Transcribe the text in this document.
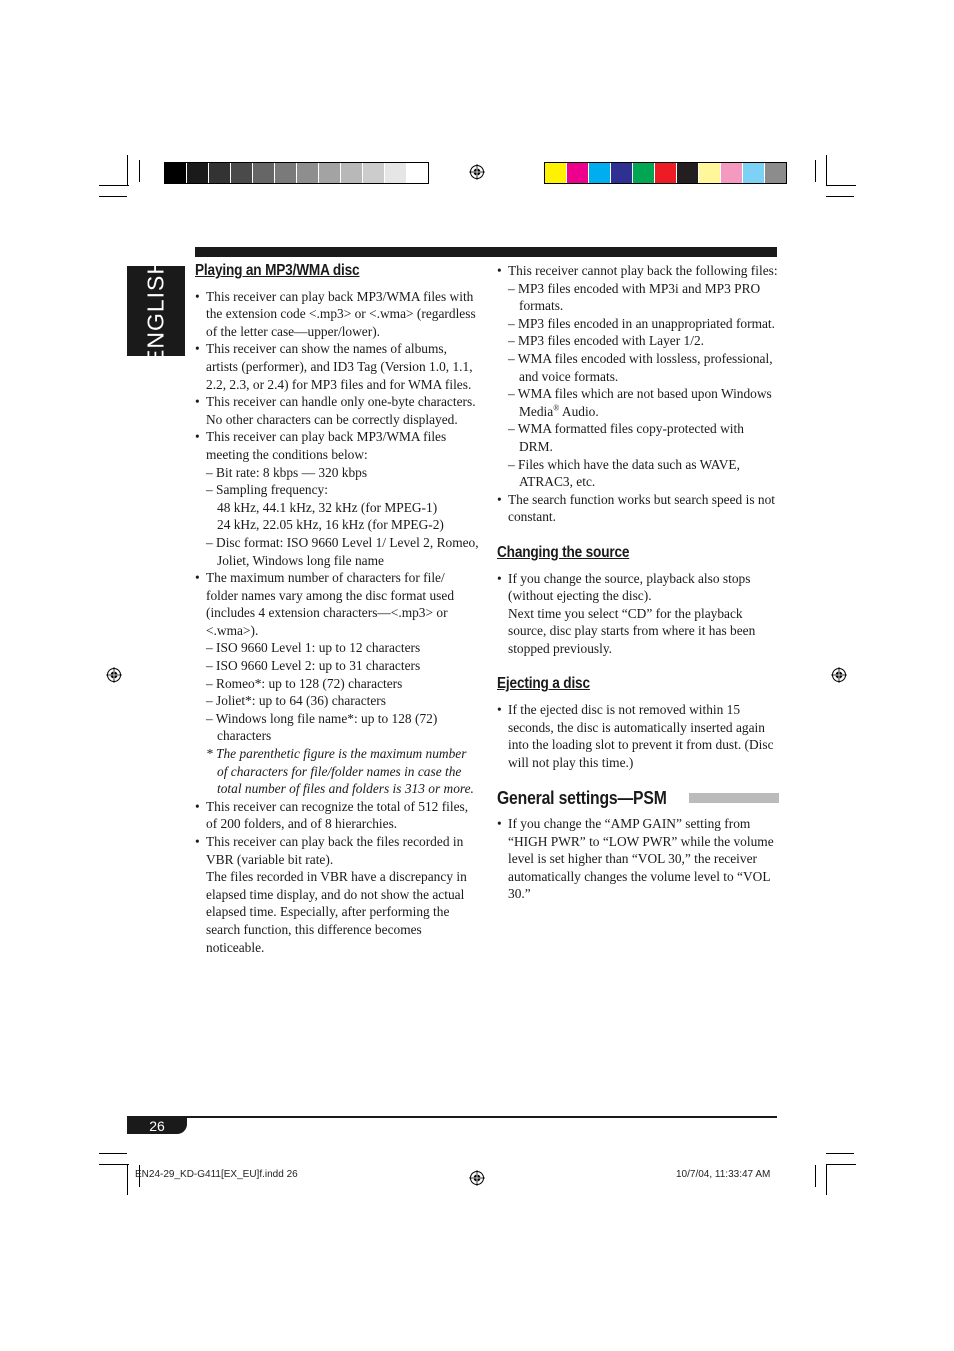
ENGLISH Playing an MP3/WMA disc
• This receiver can play back MP3/WMA files with the extension code <.mp3> or <.wma> (regardless of the letter case—upper/lower).
• This receiver can show the names of albums, artists (performer), and ID3 Tag (Version 1.0, 1.1, 2.2, 2.3, or 2.4) for MP3 files and for WMA files.
• This receiver can handle only one-byte characters. No other characters can be correctly displayed.
• This receiver can play back MP3/WMA files meeting the conditions below:
– Bit rate: 8 kbps — 320 kbps
– Sampling frequency:
48 kHz, 44.1 kHz, 32 kHz (for MPEG-1)
24 kHz, 22.05 kHz, 16 kHz (for MPEG-2)
– Disc format: ISO 9660 Level 1/ Level 2, Romeo, Joliet, Windows long file name
• The maximum number of characters for file/ folder names vary among the disc format used (includes 4 extension characters—<.mp3> or <.wma>).
– ISO 9660 Level 1: up to 12 characters
– ISO 9660 Level 2: up to 31 characters
– Romeo*: up to 128 (72) characters
– Joliet*: up to 64 (36) characters
– Windows long file name*: up to 128 (72) characters
* The parenthetic figure is the maximum number of characters for file/folder names in case the total number of files and folders is 313 or more.
• This receiver can recognize the total of 512 files, of 200 folders, and of 8 hierarchies.
• This receiver can play back the files recorded in VBR (variable bit rate).
The files recorded in VBR have a discrepancy in elapsed time display, and do not show the actual elapsed time. Especially, after performing the search function, this difference becomes noticeable.
• This receiver cannot play back the following files:
– MP3 files encoded with MP3i and MP3 PRO formats.
– MP3 files encoded in an unappropriated format.
– MP3 files encoded with Layer 1/2.
– WMA files encoded with lossless, professional, and voice formats.
– WMA files which are not based upon Windows Media® Audio.
– WMA formatted files copy-protected with DRM.
– Files which have the data such as WAVE, ATRAC3, etc.
• The search function works but search speed is not constant.
Changing the source
• If you change the source, playback also stops (without ejecting the disc).
Next time you select “CD” for the playback source, disc play starts from where it has been stopped previously.
Ejecting a disc
• If the ejected disc is not removed within 15 seconds, the disc is automatically inserted again into the loading slot to prevent it from dust. (Disc will not play this time.)
General settings—PSM
• If you change the “AMP GAIN” setting from “HIGH PWR” to “LOW PWR” while the volume level is set higher than “VOL 30,” the receiver automatically changes the volume level to “VOL 30.”
26
EN24-29_KD-G411[EX_EU]f.indd 26	10/7/04, 11:33:47 AM
